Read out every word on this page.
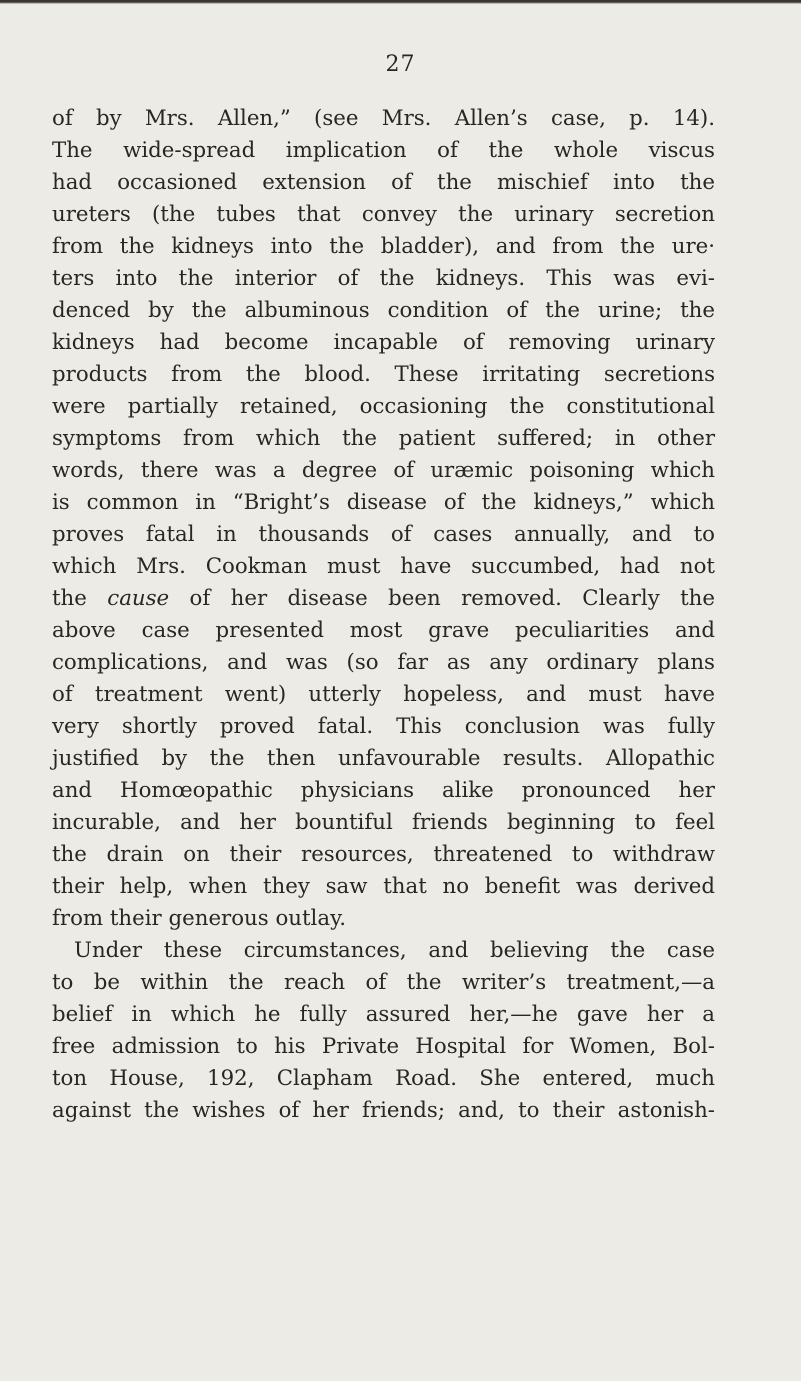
27
of by Mrs. Allen,” (see Mrs. Allen’s case, p. 14).
The wide-spread implication of the whole viscus
had occasioned extension of the mischief into the
ureters (the tubes that convey the urinary secretion
from the kidneys into the bladder), and from the ure·
ters into the interior of the kidneys. This was evi-
denced by the albuminous condition of the urine; the
kidneys had become incapable of removing urinary
products from the blood. These irritating secretions
were partially retained, occasioning the constitutional
symptoms from which the patient suffered; in other
words, there was a degree of uræmic poisoning which
is common in “Bright’s disease of the kidneys,” which
proves fatal in thousands of cases annually, and to
which Mrs. Cookman must have succumbed, had not
the cause of her disease been removed. Clearly the
above case presented most grave peculiarities and
complications, and was (so far as any ordinary plans
of treatment went) utterly hopeless, and must have
very shortly proved fatal. This conclusion was fully
justified by the then unfavourable results. Allopathic
and Homœopathic physicians alike pronounced her
incurable, and her bountiful friends beginning to feel
the drain on their resources, threatened to withdraw
their help, when they saw that no benefit was derived
from their generous outlay.
Under these circumstances, and believing the case
to be within the reach of the writer’s treatment,—a
belief in which he fully assured her,—he gave her a
free admission to his Private Hospital for Women, Bol-
ton House, 192, Clapham Road. She entered, much
against the wishes of her friends; and, to their astonish-
